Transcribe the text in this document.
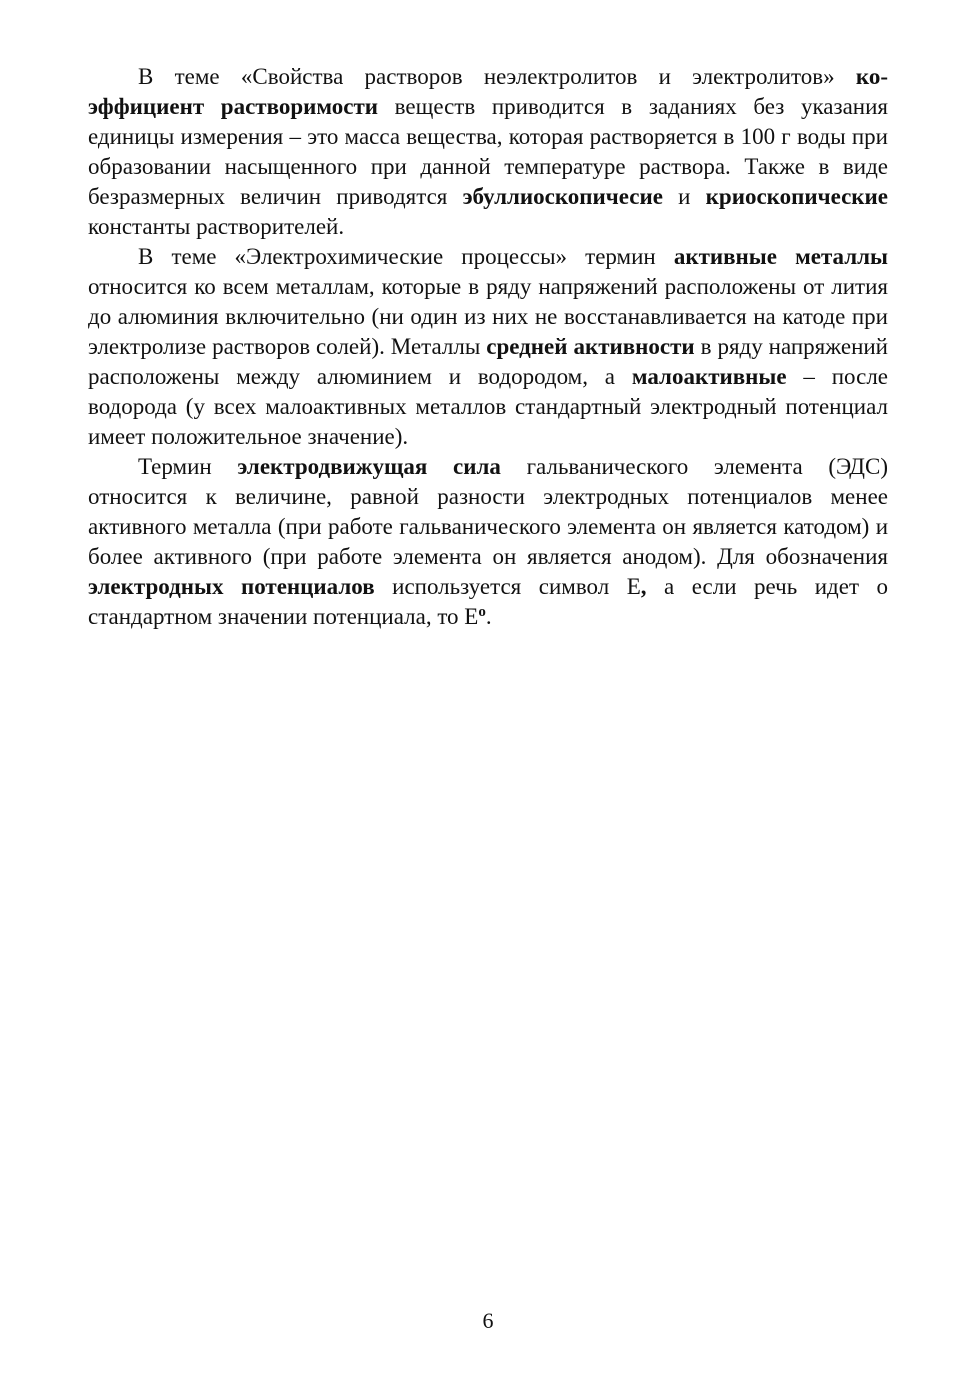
В теме «Свойства растворов неэлектролитов и электролитов» коэффициент растворимости веществ приводится в заданиях без указания единицы измерения – это масса вещества, которая растворяется в 100 г воды при образовании насыщенного при данной температуре раствора. Также в виде безразмерных величин приводятся эбуллиоскопичесие и криоскопические константы растворителей.

В теме «Электрохимические процессы» термин активные металлы относится ко всем металлам, которые в ряду напряжений расположены от лития до алюминия включительно (ни один из них не восстанавливается на катоде при электролизе растворов солей). Металлы средней активности в ряду напряжений расположены между алюминием и водородом, а малоактивные – после водорода (у всех малоактивных металлов стандартный электродный потенциал имеет положительное значение).

Термин электродвижущая сила гальванического элемента (ЭДС) относится к величине, равной разности электродных потенциалов менее активного металла (при работе гальванического элемента он является катодом) и более активного (при работе элемента он является анодом). Для обозначения электродных потенциалов используется символ Е, а если речь идет о стандартном значении потенциала, то $Е^о$.

6
